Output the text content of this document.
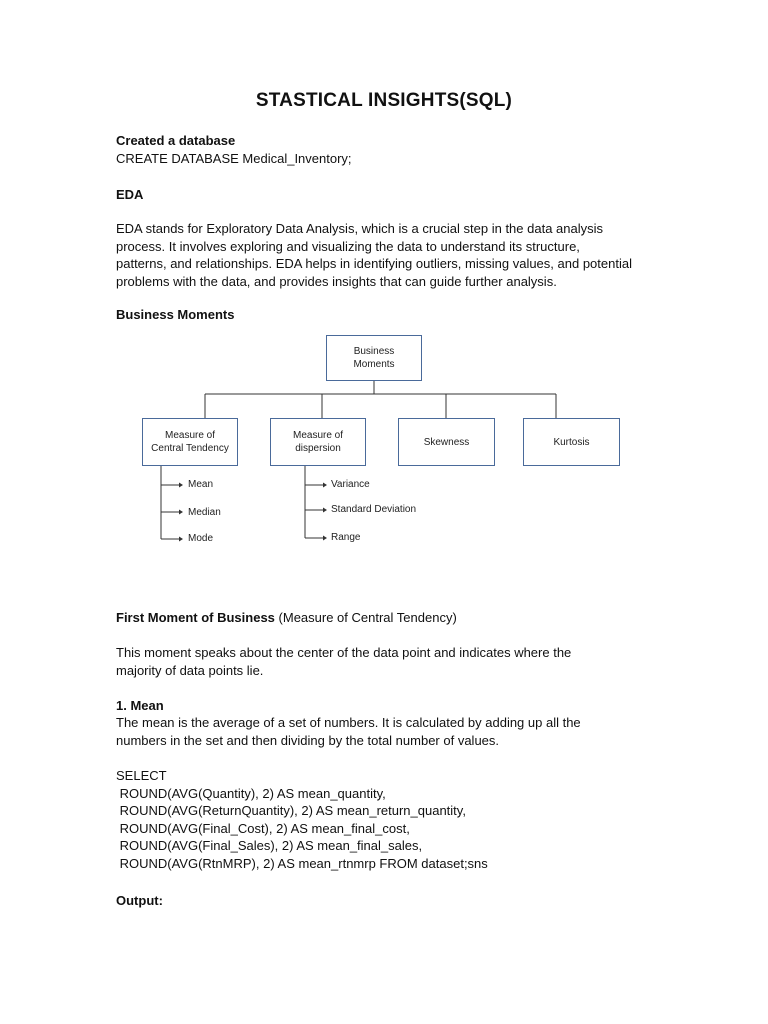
STASTICAL INSIGHTS(SQL)
Created a database
CREATE DATABASE Medical_Inventory;
EDA
EDA stands for Exploratory Data Analysis, which is a crucial step in the data analysis
process. It involves exploring and visualizing the data to understand its structure,
patterns, and relationships. EDA helps in identifying outliers, missing values, and potential
problems with the data, and provides insights that can guide further analysis.
Business Moments
Business
Moments
Measure of
Central Tendency
Measure of
dispersion
Skewness	Kurtosis
Mean
Median
Mode
Variance
Standard Deviation
Range
First Moment of Business (Measure of Central Tendency)
This moment speaks about the center of the data point and indicates where the
majority of data points lie.
1. Mean
The mean is the average of a set of numbers. It is calculated by adding up all the
numbers in the set and then dividing by the total number of values.
SELECT
ROUND(AVG(Quantity), 2) AS mean_quantity,
ROUND(AVG(ReturnQuantity), 2) AS mean_return_quantity,
ROUND(AVG(Final_Cost), 2) AS mean_final_cost,
ROUND(AVG(Final_Sales), 2) AS mean_final_sales,
ROUND(AVG(RtnMRP), 2) AS mean_rtnmrp FROM dataset;sns
Output:
